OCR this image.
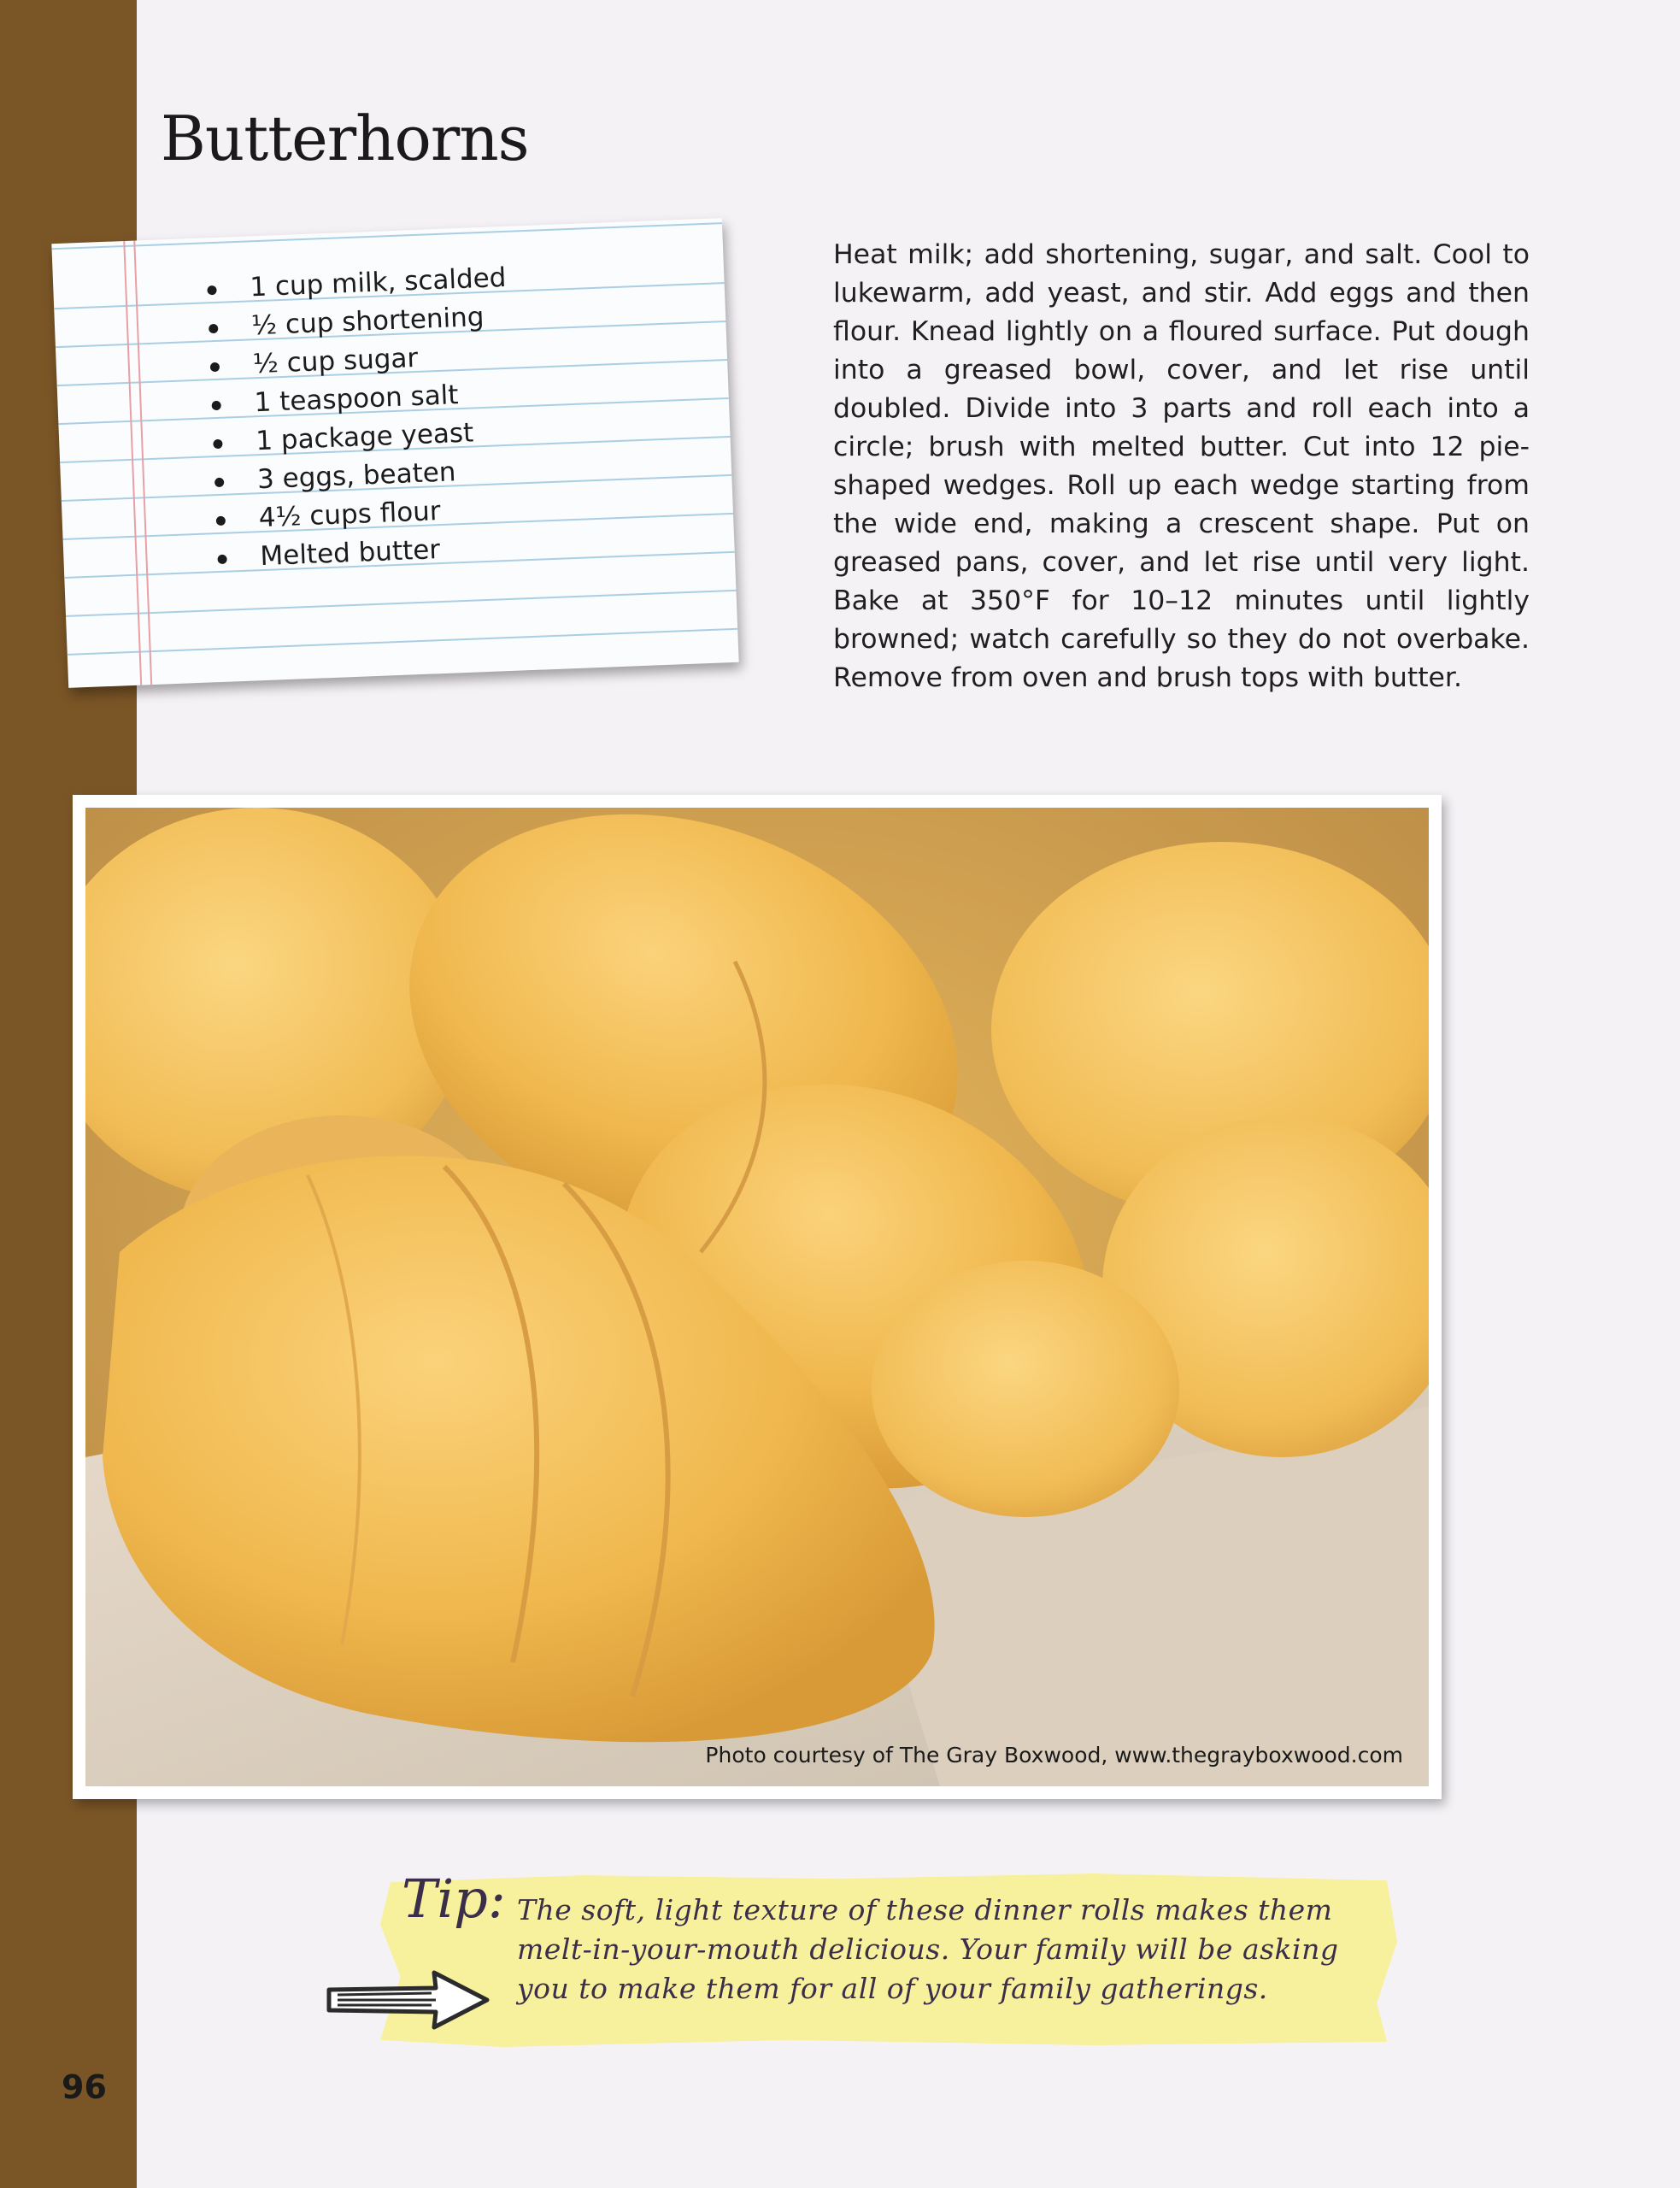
96
Butterhorns
1 cup milk, scalded
½ cup shortening
½ cup sugar
1 teaspoon salt
1 package yeast
3 eggs, beaten
4½ cups flour
Melted butter

Heat milk; add shortening, sugar, and salt. Cool to lukewarm, add yeast, and stir. Add eggs and then flour. Knead lightly on a floured surface. Put dough into a greased bowl, cover, and let rise until doubled. Divide into 3 parts and roll each into a circle; brush with melted butter. Cut into 12 pie-shaped wedges. Roll up each wedge starting from the wide end, making a crescent shape. Put on greased pans, cover, and let rise until very light. Bake at 350°F for 10–12 minutes until lightly browned; watch carefully so they do not overbake. Remove from oven and brush tops with butter.

Photo courtesy of The Gray Boxwood, www.thegrayboxwood.com
Tip: The soft, light texture of these dinner rolls makes them melt-in-your-mouth delicious. Your family will be asking you to make them for all of your family gatherings.
